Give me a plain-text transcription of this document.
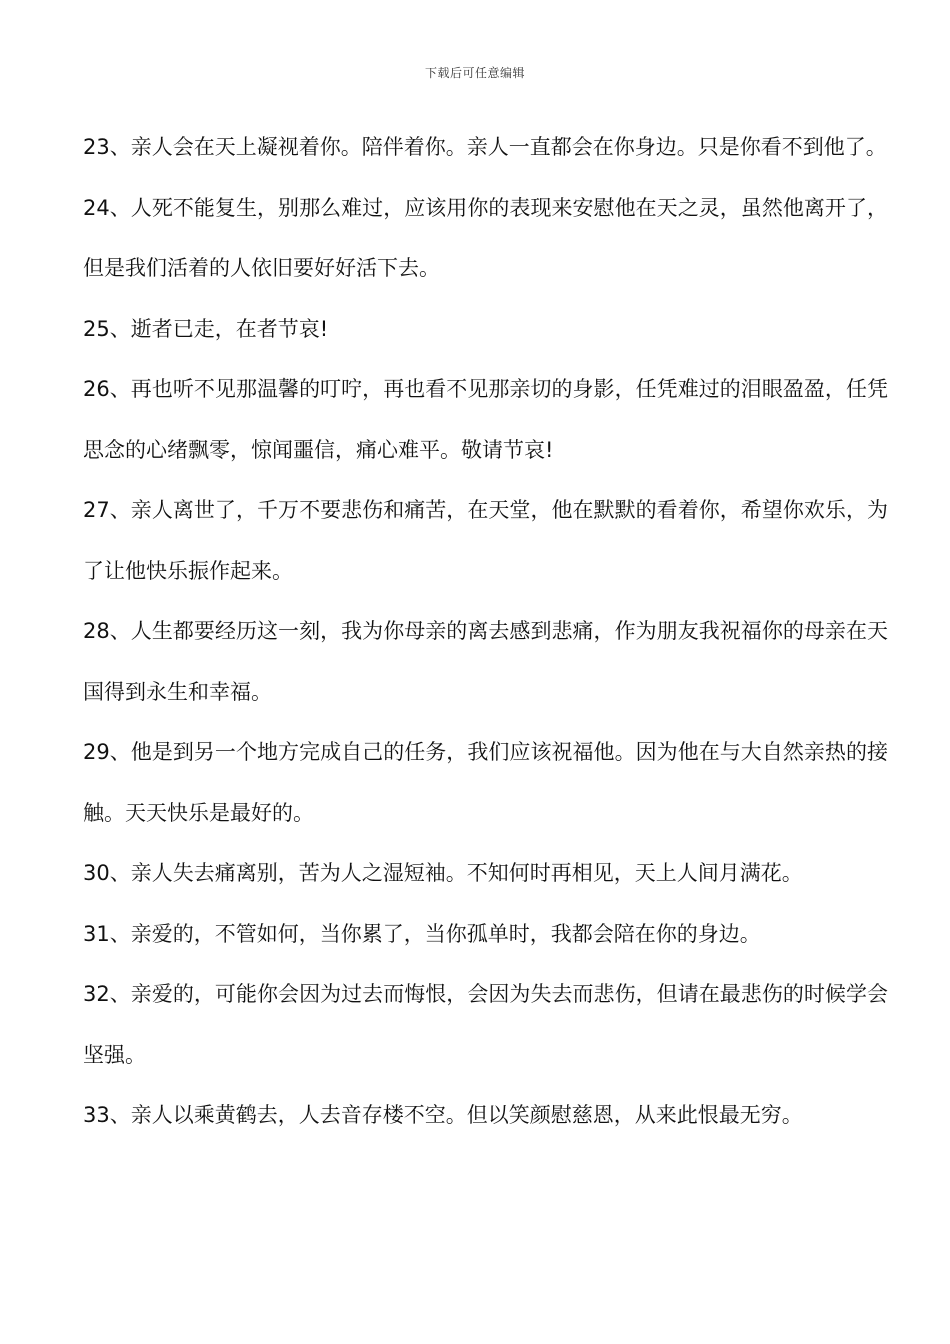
下载后可任意编辑

23、亲人会在天上凝视着你。陪伴着你。亲人一直都会在你身边。只是你看不到他了。

24、人死不能复生，别那么难过，应该用你的表现来安慰他在天之灵，虽然他离开了，但是我们活着的人依旧要好好活下去。

25、逝者已走，在者节哀!

26、再也听不见那温馨的叮咛，再也看不见那亲切的身影，任凭难过的泪眼盈盈，任凭思念的心绪飘零，惊闻噩信，痛心难平。敬请节哀!

27、亲人离世了，千万不要悲伤和痛苦，在天堂，他在默默的看着你，希望你欢乐，为了让他快乐振作起来。

28、人生都要经历这一刻，我为你母亲的离去感到悲痛，作为朋友我祝福你的母亲在天国得到永生和幸福。

29、他是到另一个地方完成自己的任务，我们应该祝福他。因为他在与大自然亲热的接触。天天快乐是最好的。

30、亲人失去痛离别，苦为人之湿短袖。不知何时再相见，天上人间月满花。

31、亲爱的，不管如何，当你累了，当你孤单时，我都会陪在你的身边。

32、亲爱的，可能你会因为过去而悔恨，会因为失去而悲伤，但请在最悲伤的时候学会坚强。

33、亲人以乘黄鹤去，人去音存楼不空。但以笑颜慰慈恩，从来此恨最无穷。
